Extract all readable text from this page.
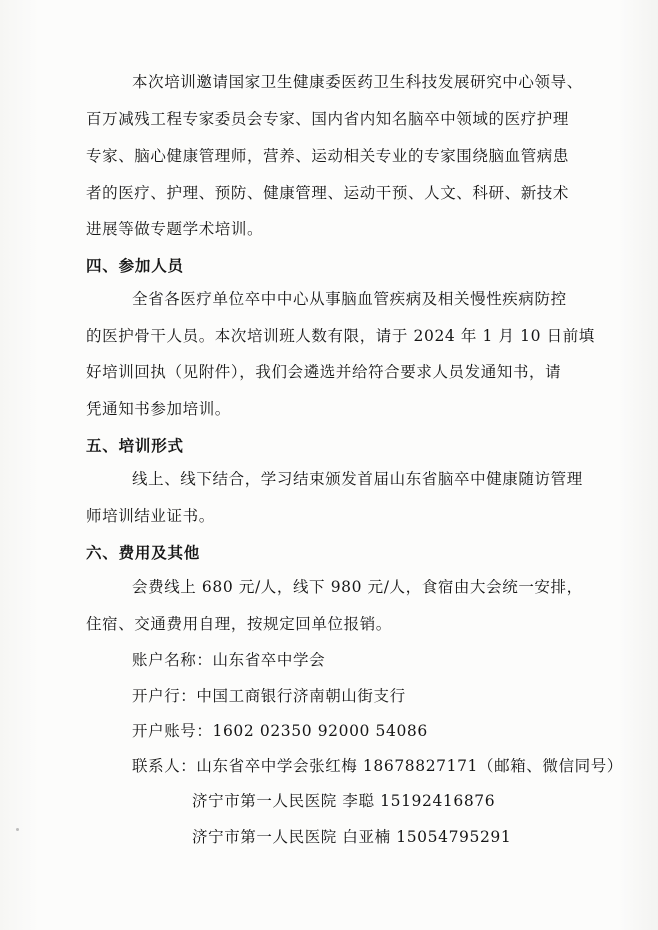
本次培训邀请国家卫生健康委医药卫生科技发展研究中心领导、
百万减残工程专家委员会专家、国内省内知名脑卒中领域的医疗护理
专家、脑心健康管理师，营养、运动相关专业的专家围绕脑血管病患
者的医疗、护理、预防、健康管理、运动干预、人文、科研、新技术
进展等做专题学术培训。
四、参加人员
全省各医疗单位卒中中心从事脑血管疾病及相关慢性疾病防控
的医护骨干人员。本次培训班人数有限，请于 2024 年 1 月 10 日前填
好培训回执（见附件），我们会遴选并给符合要求人员发通知书，请
凭通知书参加培训。
五、培训形式
线上、线下结合，学习结束颁发首届山东省脑卒中健康随访管理
师培训结业证书。
六、费用及其他
会费线上 680 元/人，线下 980 元/人，食宿由大会统一安排，
住宿、交通费用自理，按规定回单位报销。
账户名称：山东省卒中学会
开户行：中国工商银行济南朝山街支行
开户账号：1602 02350 92000 54086
联系人：山东省卒中学会张红梅 18678827171（邮箱、微信同号）
济宁市第一人民医院 李聪 15192416876
济宁市第一人民医院 白亚楠 15054795291
